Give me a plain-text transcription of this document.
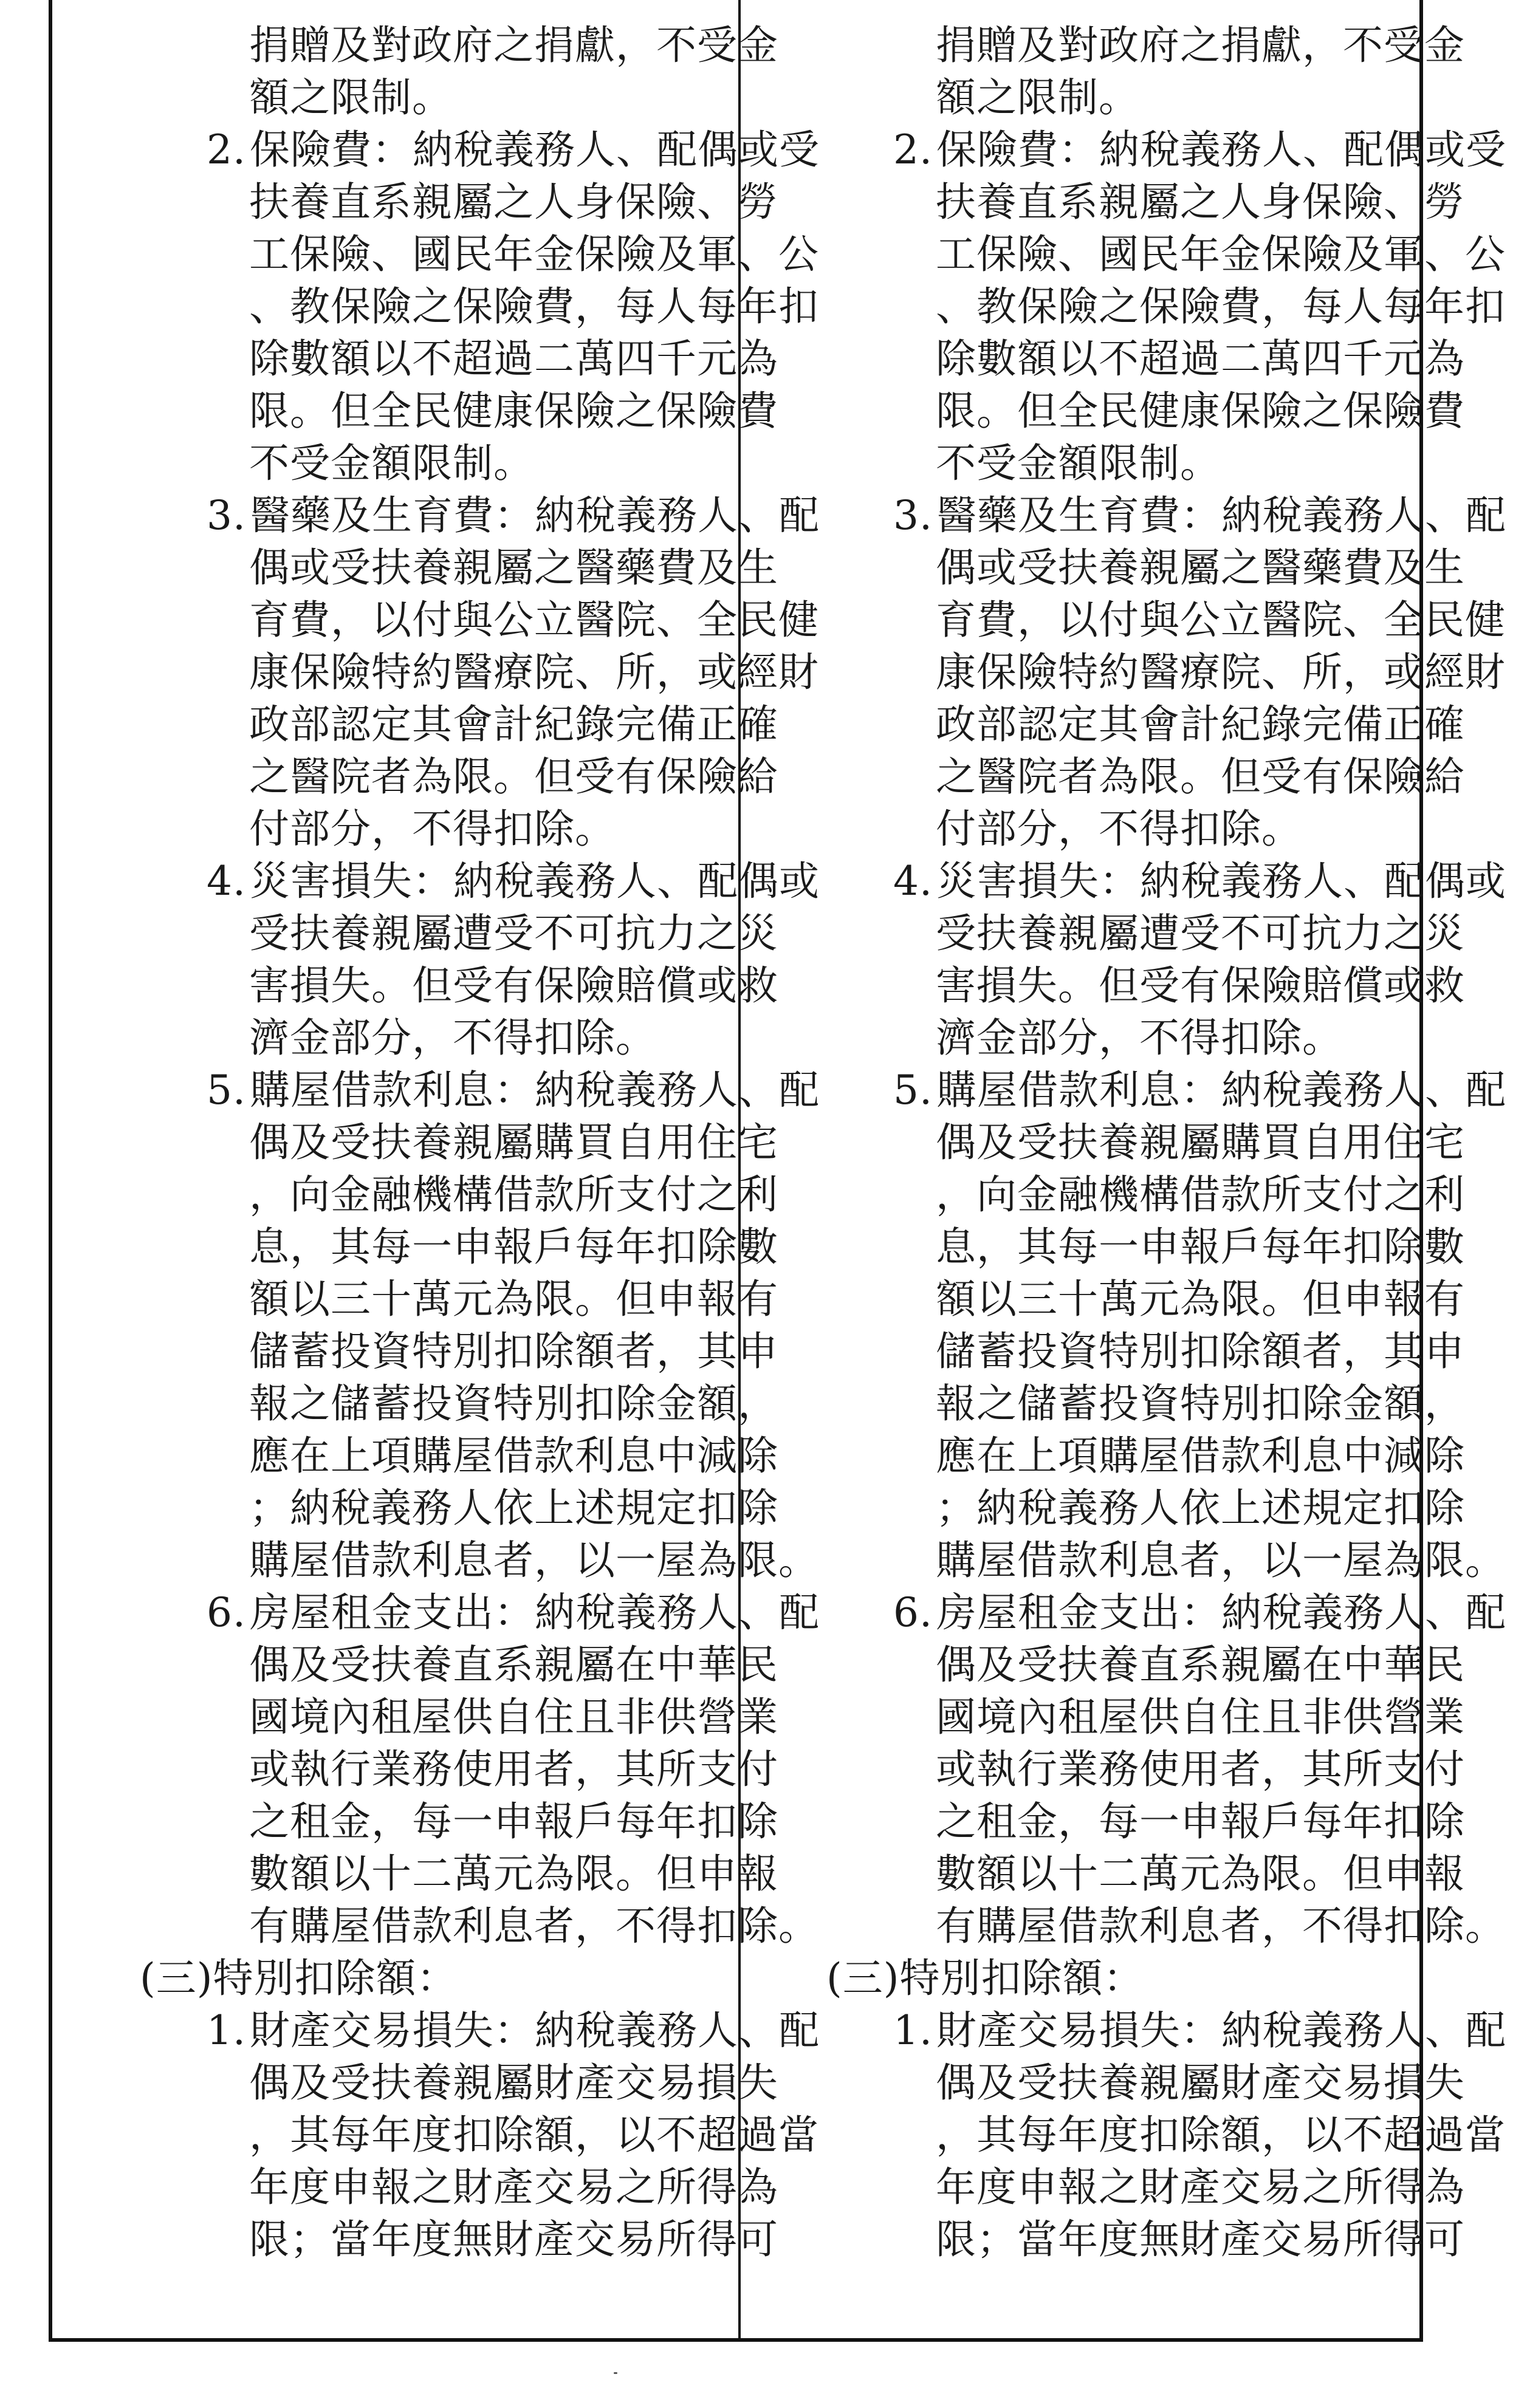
捐贈及對政府之捐獻，不受金
額之限制。
2.保險費：納稅義務人、配偶或受
扶養直系親屬之人身保險、勞
工保險、國民年金保險及軍、公
、教保險之保險費，每人每年扣
除數額以不超過二萬四千元為
限。但全民健康保險之保險費
不受金額限制。
3.醫藥及生育費：納稅義務人、配
偶或受扶養親屬之醫藥費及生
育費，以付與公立醫院、全民健
康保險特約醫療院、所，或經財
政部認定其會計紀錄完備正確
之醫院者為限。但受有保險給
付部分，不得扣除。
4.災害損失：納稅義務人、配偶或
受扶養親屬遭受不可抗力之災
害損失。但受有保險賠償或救
濟金部分，不得扣除。
5.購屋借款利息：納稅義務人、配
偶及受扶養親屬購買自用住宅
，向金融機構借款所支付之利
息，其每一申報戶每年扣除數
額以三十萬元為限。但申報有
儲蓄投資特別扣除額者，其申
報之儲蓄投資特別扣除金額，
應在上項購屋借款利息中減除
；納稅義務人依上述規定扣除
購屋借款利息者，以一屋為限。
6.房屋租金支出：納稅義務人、配
偶及受扶養直系親屬在中華民
國境內租屋供自住且非供營業
或執行業務使用者，其所支付
之租金，每一申報戶每年扣除
數額以十二萬元為限。但申報
有購屋借款利息者，不得扣除。
(三)特別扣除額：
1.財產交易損失：納稅義務人、配
偶及受扶養親屬財產交易損失
，其每年度扣除額，以不超過當
年度申報之財產交易之所得為
限；當年度無財產交易所得可
捐贈及對政府之捐獻，不受金
額之限制。
2.保險費：納稅義務人、配偶或受
扶養直系親屬之人身保險、勞
工保險、國民年金保險及軍、公
、教保險之保險費，每人每年扣
除數額以不超過二萬四千元為
限。但全民健康保險之保險費
不受金額限制。
3.醫藥及生育費：納稅義務人、配
偶或受扶養親屬之醫藥費及生
育費，以付與公立醫院、全民健
康保險特約醫療院、所，或經財
政部認定其會計紀錄完備正確
之醫院者為限。但受有保險給
付部分，不得扣除。
4.災害損失：納稅義務人、配偶或
受扶養親屬遭受不可抗力之災
害損失。但受有保險賠償或救
濟金部分，不得扣除。
5.購屋借款利息：納稅義務人、配
偶及受扶養親屬購買自用住宅
，向金融機構借款所支付之利
息，其每一申報戶每年扣除數
額以三十萬元為限。但申報有
儲蓄投資特別扣除額者，其申
報之儲蓄投資特別扣除金額，
應在上項購屋借款利息中減除
；納稅義務人依上述規定扣除
購屋借款利息者，以一屋為限。
6.房屋租金支出：納稅義務人、配
偶及受扶養直系親屬在中華民
國境內租屋供自住且非供營業
或執行業務使用者，其所支付
之租金，每一申報戶每年扣除
數額以十二萬元為限。但申報
有購屋借款利息者，不得扣除。
(三)特別扣除額：
1.財產交易損失：納稅義務人、配
偶及受扶養親屬財產交易損失
，其每年度扣除額，以不超過當
年度申報之財產交易之所得為
限；當年度無財產交易所得可
